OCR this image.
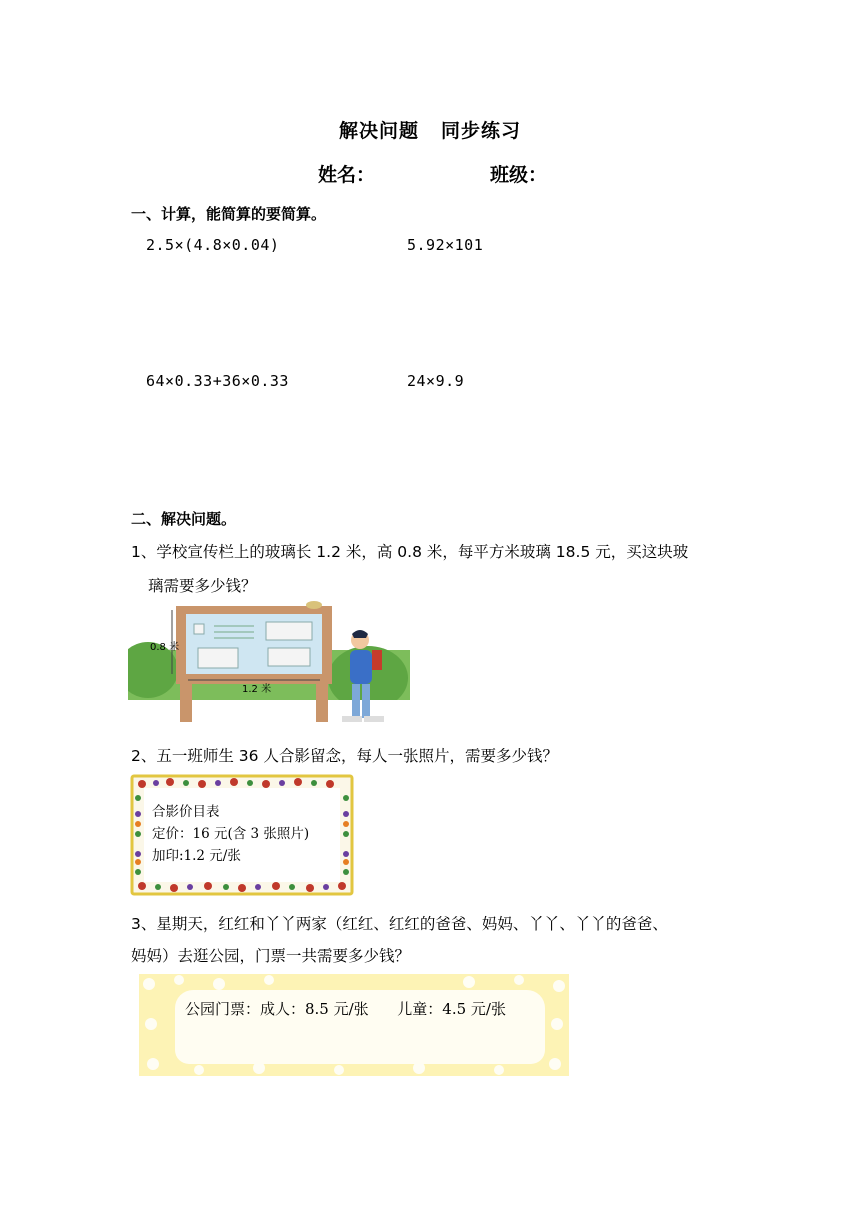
解决问题 同步练习
姓名：	班级：
一、计算，能简算的要简算。
2.5×(4.8×0.04)	5.92×101
64×0.33+36×0.33	24×9.9
二、解决问题。
1、学校宣传栏上的玻璃长 1.2 米，高 0.8 米，每平方米玻璃 18.5 元，买这块玻
璃需要多少钱？
0.8 米
1.2 米
2、五一班师生 36 人合影留念，每人一张照片，需要多少钱？
合影价目表
定价：16 元(含 3 张照片)
加印:1.2 元/张
3、星期天，红红和丫丫两家（红红、红红的爸爸、妈妈、丫丫、丫丫的爸爸、
妈妈）去逛公园，门票一共需要多少钱？
公园门票：成人：8.5 元/张      儿童：4.5 元/张
